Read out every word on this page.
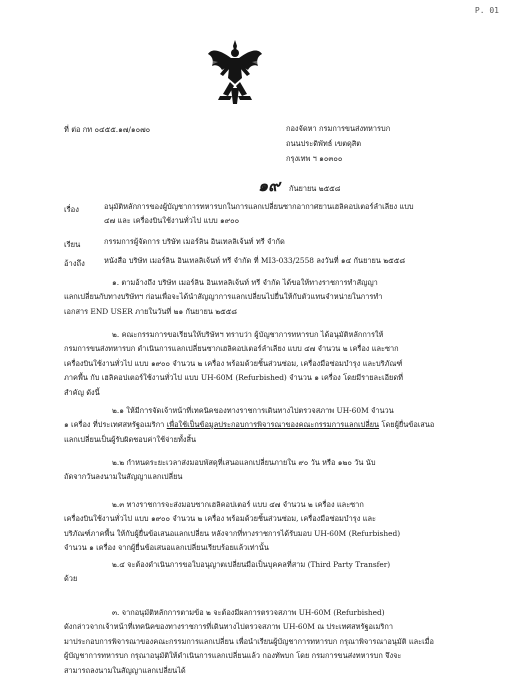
P. 01
ที่ ต่อ กท ๐๔๕๕.๑๗/๑๐๗๐	กองจัดหา กรมการขนส่งทหารบก
ถนนประดิพัทธ์ เขตดุสิต
กรุงเทพ ฯ ๑๐๓๐๐
๑๙ กันยายน ๒๕๕๘
เรื่อง	อนุมัติหลักการของผู้บัญชาการทหารบกในการแลกเปลี่ยนซากอากาศยานเฮลิคอปเตอร์ลำเลียง แบบ
๔๗ และ เครื่องบินใช้งานทั่วไป แบบ ๑๙๐๐
เรียน	กรรมการผู้จัดการ บริษัท เมอร์ลิน อินเทลลิเจ้นท์ ทรี จำกัด
อ้างถึง	หนังสือ บริษัท เมอร์ลิน อินเทลลิเจ้นท์ ทรี จำกัด ที่ MI3-033/2558 ลงวันที่ ๑๔ กันยายน ๒๕๕๘
๑. ตามอ้างถึง บริษัท เมอร์ลิน อินเทลลิเจ้นท์ ทรี จำกัด ได้ขอให้ทางราชการทำสัญญา
แลกเปลี่ยนกับทางบริษัทฯ ก่อนเพื่อจะได้นำสัญญาการแลกเปลี่ยนไปยื่นให้กับตัวแทนจำหน่ายในการทำ
เอกสาร END USER ภายในวันที่ ๒๑ กันยายน ๒๕๕๘
๒. คณะกรรมการขอเรียนให้บริษัทฯ ทราบว่า ผู้บัญชาการทหารบก ได้อนุมัติหลักการให้
กรมการขนส่งทหารบก ดำเนินการแลกเปลี่ยนซากเฮลิคอปเตอร์ลำเลียง แบบ ๔๗ จำนวน ๒ เครื่อง และซาก
เครื่องบินใช้งานทั่วไป แบบ ๑๙๐๐ จำนวน ๒ เครื่อง พร้อมด้วยชิ้นส่วนซ่อม, เครื่องมือซ่อมบำรุง และบริภัณฑ์
ภาคพื้น กับ เฮลิคอปเตอร์ใช้งานทั่วไป แบบ UH-60M (Refurbished) จำนวน ๑ เครื่อง โดยมีรายละเอียดที่
สำคัญ ดังนี้
๒.๑ ให้มีการจัดเจ้าหน้าที่เทคนิคของทางราชการเดินทางไปตรวจสภาพ UH-60M จำนวน
๑ เครื่อง ที่ประเทศสหรัฐอเมริกา เพื่อใช้เป็นข้อมูลประกอบการพิจารณาของคณะกรรมการแลกเปลี่ยน โดยผู้ยื่นข้อเสนอ
แลกเปลี่ยนเป็นผู้รับผิดชอบค่าใช้จ่ายทั้งสิ้น
๒.๒ กำหนดระยะเวลาส่งมอบพัสดุที่เสนอแลกเปลี่ยนภายใน ๙๐ วัน หรือ ๑๒๐ วัน นับ
ถัดจากวันลงนามในสัญญาแลกเปลี่ยน
๒.๓ ทางราชการจะส่งมอบซากเฮลิคอปเตอร์ แบบ ๔๗ จำนวน ๒ เครื่อง และซาก
เครื่องบินใช้งานทั่วไป แบบ ๑๙๐๐ จำนวน ๒ เครื่อง พร้อมด้วยชิ้นส่วนซ่อม, เครื่องมือซ่อมบำรุง และ
บริภัณฑ์ภาคพื้น ให้กับผู้ยื่นข้อเสนอแลกเปลี่ยน หลังจากที่ทางราชการได้รับมอบ UH-60M (Refurbished)
จำนวน ๑ เครื่อง จากผู้ยื่นข้อเสนอแลกเปลี่ยนเรียบร้อยแล้วเท่านั้น
๒.๔ จะต้องดำเนินการขอใบอนุญาตเปลี่ยนมือเป็นบุคคลที่สาม (Third Party Transfer)
ด้วย
๓. จากอนุมัติหลักการตามข้อ ๒ จะต้องมีผลการตรวจสภาพ UH-60M (Refurbished)
ดังกล่าวจากเจ้าหน้าที่เทคนิคของทางราชการที่เดินทางไปตรวจสภาพ UH-60M ณ ประเทศสหรัฐอเมริกา
มาประกอบการพิจารณาของคณะกรรมการแลกเปลี่ยน เพื่อนำเรียนผู้บัญชาการทหารบก กรุณาพิจารณาอนุมัติ และเมื่อ
ผู้บัญชาการทหารบก กรุณาอนุมัติให้ดำเนินการแลกเปลี่ยนแล้ว กองทัพบก โดย กรมการขนส่งทหารบก จึงจะ
สามารถลงนามในสัญญาแลกเปลี่ยนได้
